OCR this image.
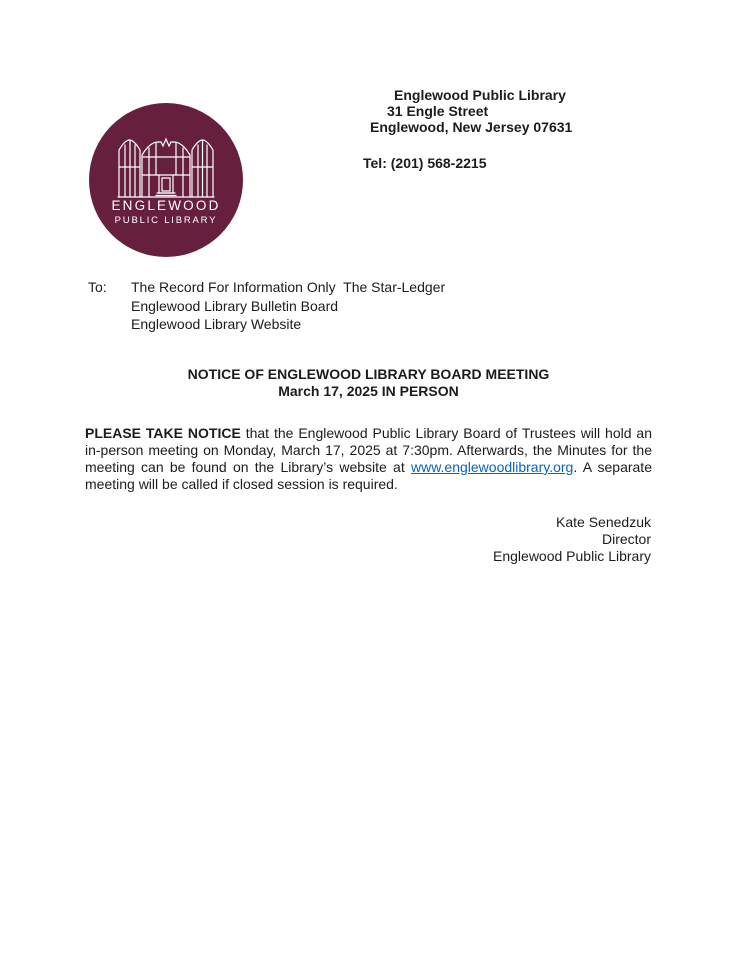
ENGLEWOOD
PUBLIC LIBRARY
Englewood Public Library
31 Engle Street
Englewood, New Jersey 07631
Tel: (201) 568-2215
To: The Record For Information Only  The Star-Ledger
Englewood Library Bulletin Board
Englewood Library Website
NOTICE OF ENGLEWOOD LIBRARY BOARD MEETING
March 17, 2025 IN PERSON

PLEASE TAKE NOTICE that the Englewood Public Library Board of Trustees will hold an in-person meeting on Monday, March 17, 2025 at 7:30pm. Afterwards, the Minutes for the meeting can be found on the Library’s website at www.englewoodlibrary.org. A separate meeting will be called if closed session is required.

Kate Senedzuk
Director
Englewood Public Library
